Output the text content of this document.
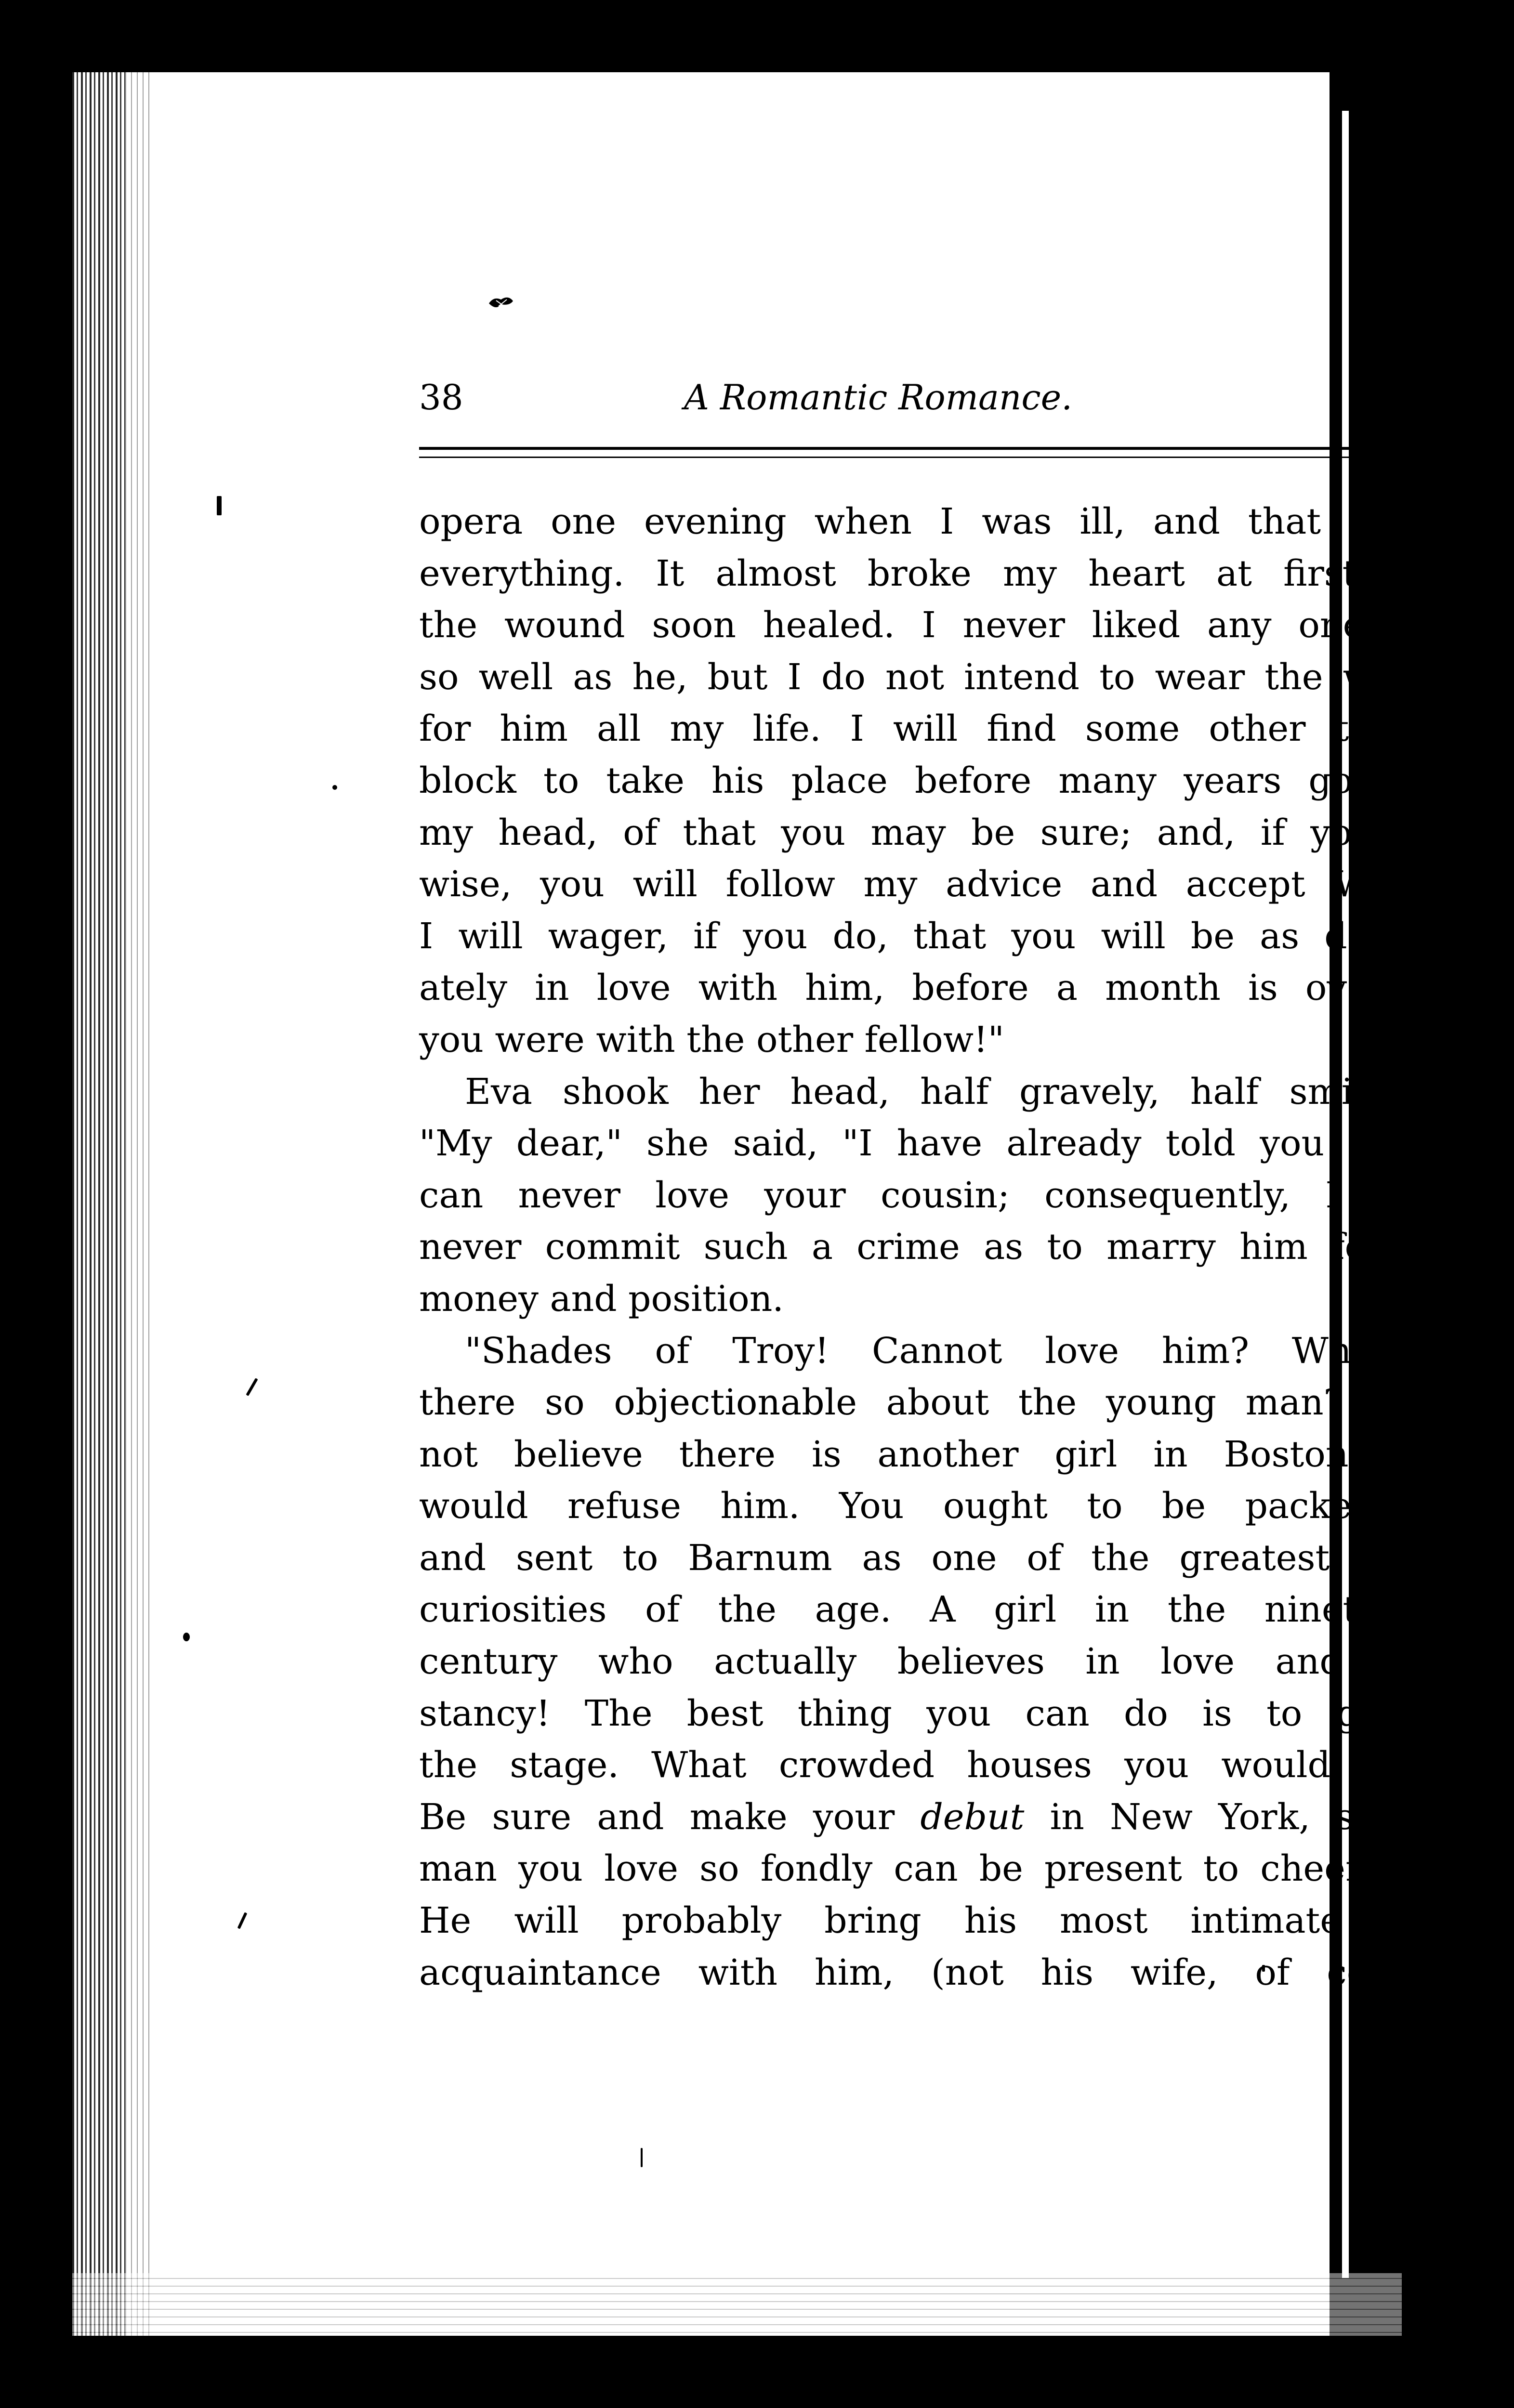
38	A Romantic Romance.
opera one evening when I was ill, and that ended
everything. It almost broke my heart at first, but
the wound soon healed. I never liked any one half
so well as he, but I do not intend to wear the willow
for him all my life. I will find some other tailor's
block to take his place before many years go over
my head, of that you may be sure; and, if you are
wise, you will follow my advice and accept Walter.
I will wager, if you do, that you will be as desper-
ately in love with him, before a month is over, as
you were with the other fellow!"
Eva shook her head, half gravely, half smilingly.
"My dear," she said, "I have already told you that I
can never love your cousin; consequently, I shall
never commit such a crime as to marry him for his
money and position.
"Shades of Troy! Cannot love him? What is
there so objectionable about the young man? I do
not believe there is another girl in Boston who
would refuse him. You ought to be packed up
and sent to Barnum as one of the greatest living
curiosities of the age. A girl in the nineteenth
century who actually believes in love and con-
stancy! The best thing you can do is to go on
the stage. What crowded houses you would have.
Be sure and make your debut in New York, so the
man you love so fondly can be present to cheer you.
He will probably bring his most intimate lady
acquaintance with him, (not his wife, of course;
